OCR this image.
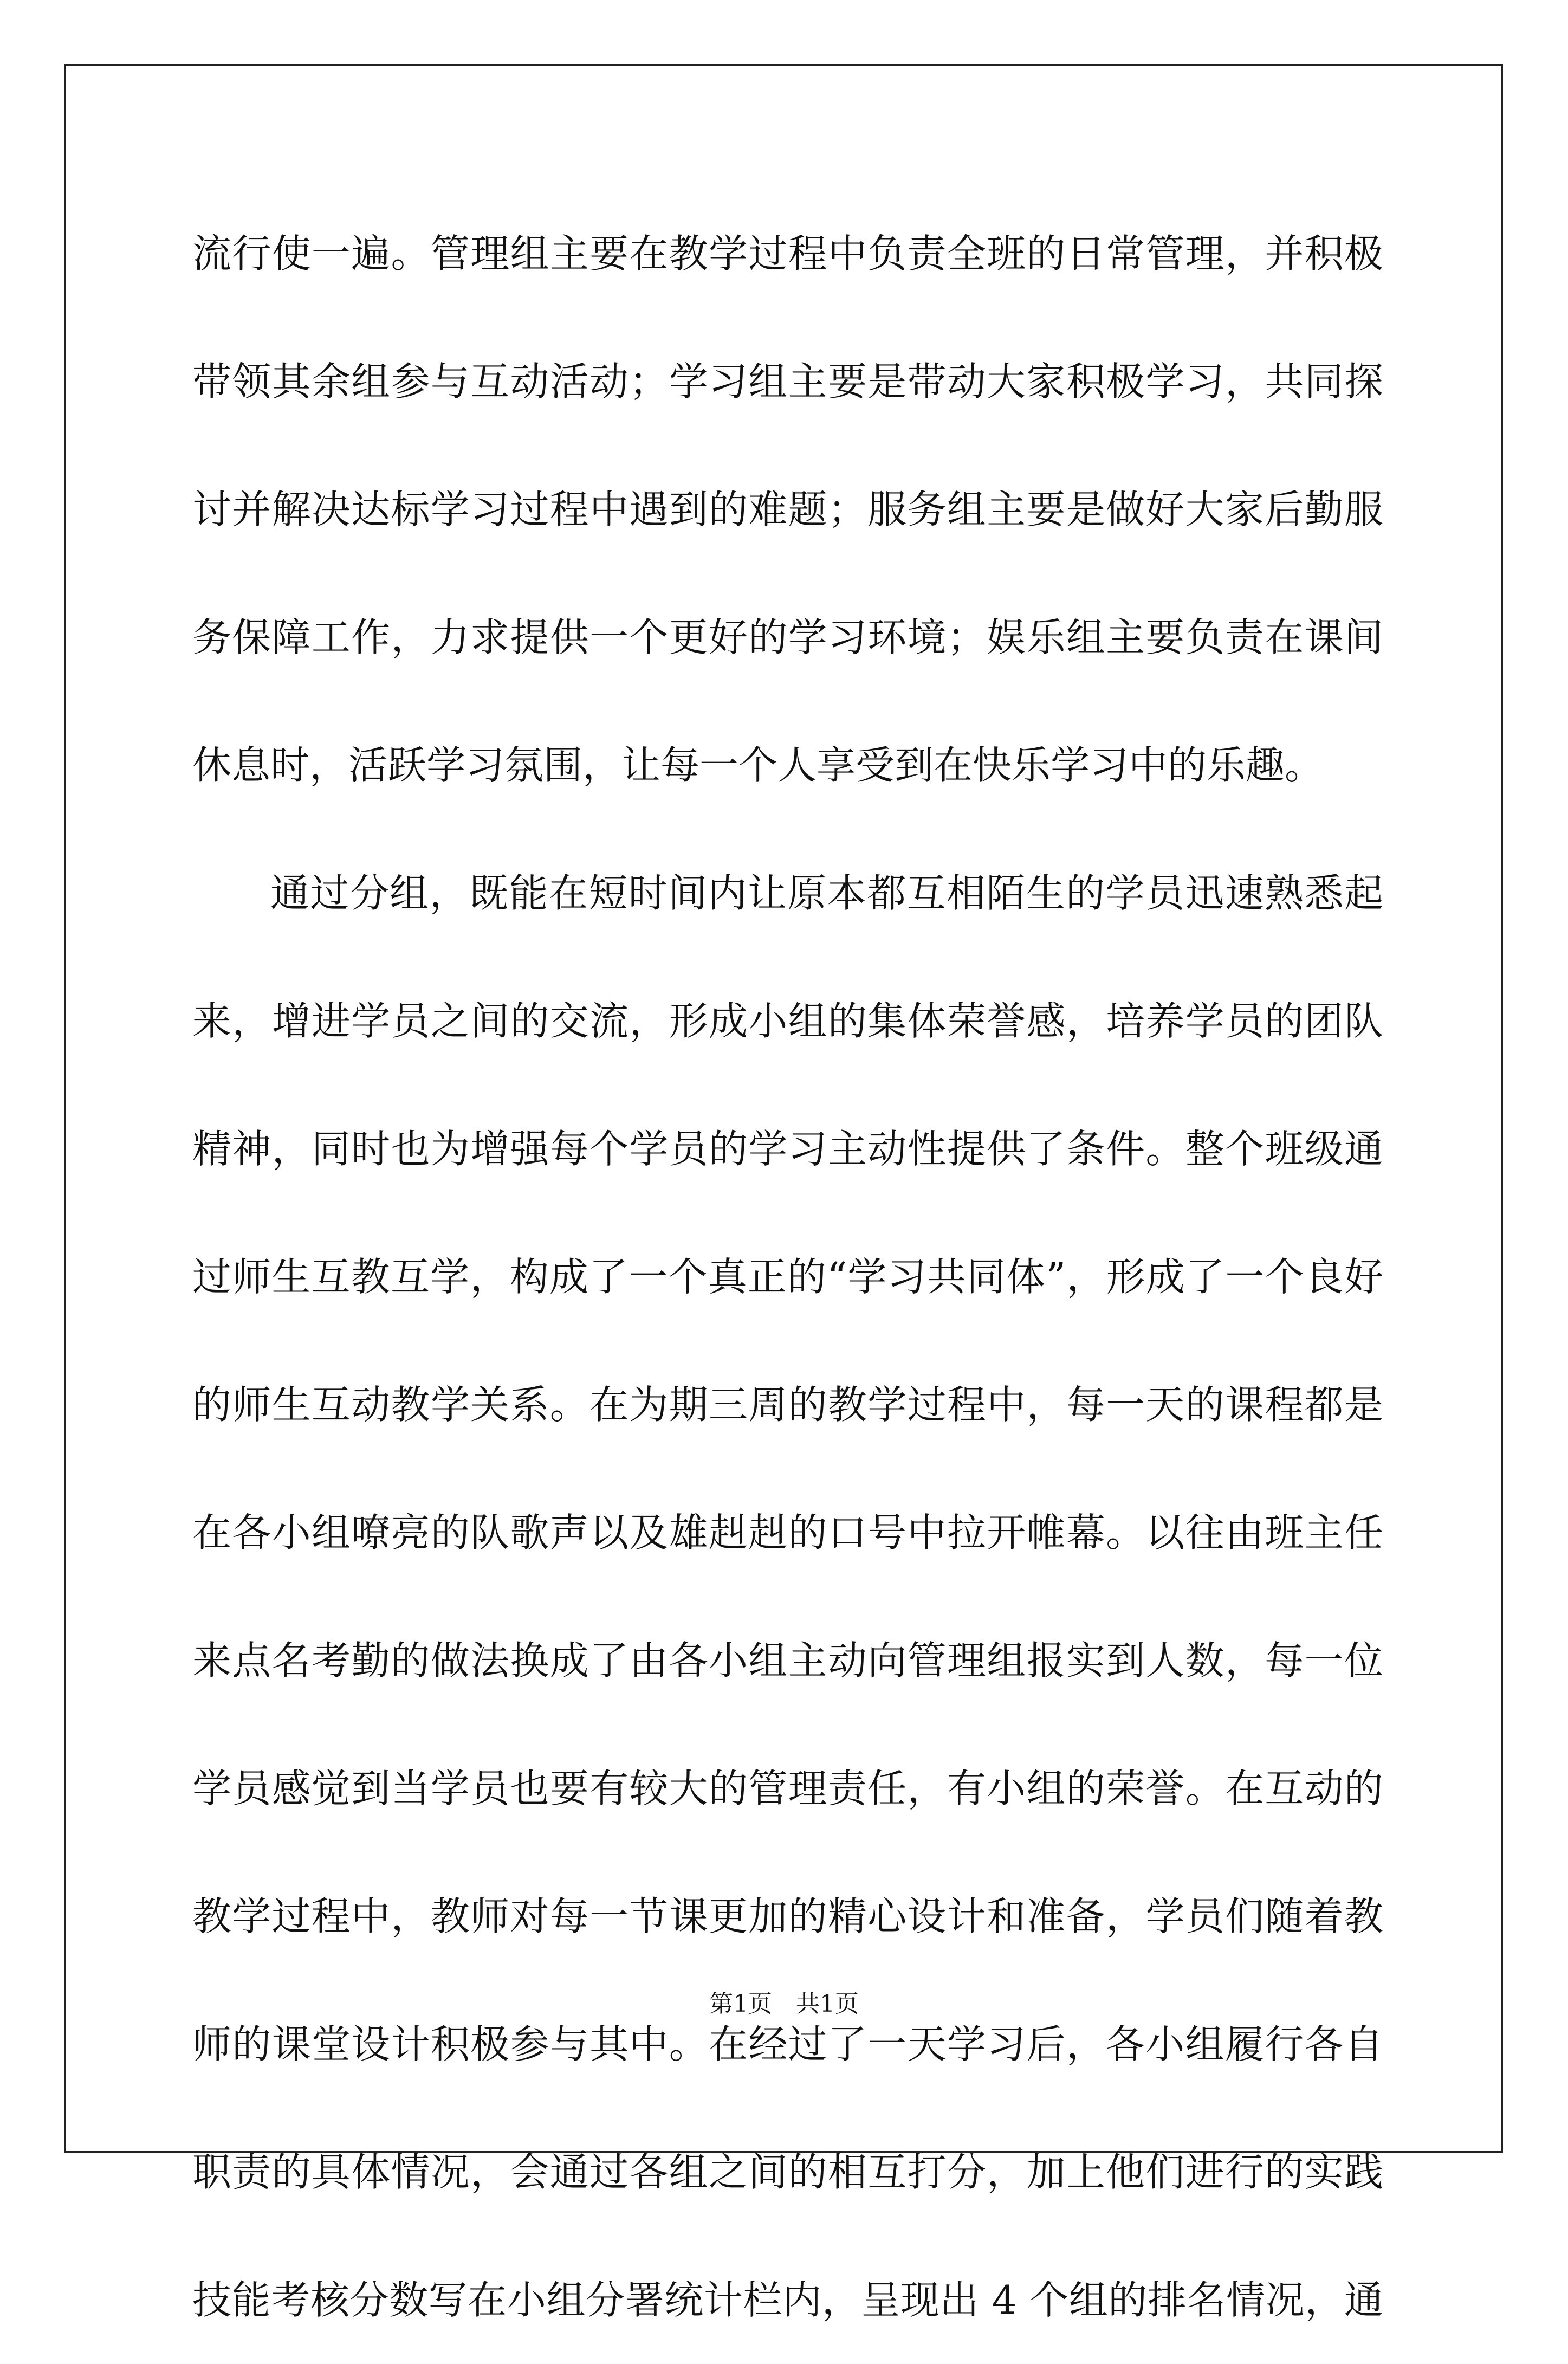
流行使一遍。管理组主要在教学过程中负责全班的日常管理，并积极
带领其余组参与互动活动；学习组主要是带动大家积极学习，共同探
讨并解决达标学习过程中遇到的难题；服务组主要是做好大家后勤服
务保障工作，力求提供一个更好的学习环境；娱乐组主要负责在课间
休息时，活跃学习氛围，让每一个人享受到在快乐学习中的乐趣。
通过分组，既能在短时间内让原本都互相陌生的学员迅速熟悉起
来，增进学员之间的交流，形成小组的集体荣誉感，培养学员的团队
精神，同时也为增强每个学员的学习主动性提供了条件。整个班级通
过师生互教互学，构成了一个真正的“学习共同体”，形成了一个良好
的师生互动教学关系。在为期三周的教学过程中，每一天的课程都是
在各小组嘹亮的队歌声以及雄赳赳的口号中拉开帷幕。以往由班主任
来点名考勤的做法换成了由各小组主动向管理组报实到人数，每一位
学员感觉到当学员也要有较大的管理责任，有小组的荣誉。在互动的
教学过程中，教师对每一节课更加的精心设计和准备，学员们随着教
师的课堂设计积极参与其中。在经过了一天学习后，各小组履行各自
职责的具体情况，会通过各组之间的相互打分，加上他们进行的实践
技能考核分数写在小组分署统计栏内，呈现出 4 个组的排名情况，通
第1页 共1页
